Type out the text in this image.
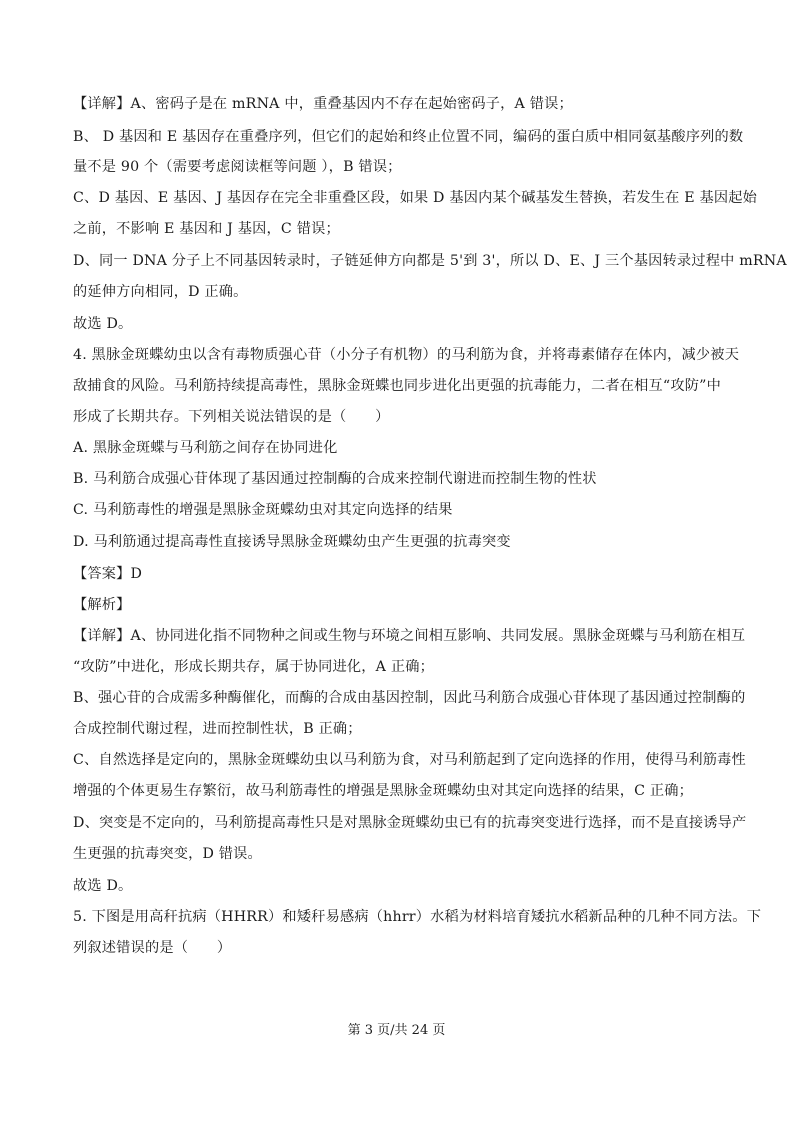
【详解】A、密码子是在 mRNA 中，重叠基因内不存在起始密码子，A 错误；
B、 D 基因和 E 基因存在重叠序列，但它们的起始和终止位置不同，编码的蛋白质中相同氨基酸序列的数
量不是 90 个（需要考虑阅读框等问题 ），B 错误；
C、D 基因、E 基因、J 基因存在完全非重叠区段，如果 D 基因内某个碱基发生替换，若发生在 E 基因起始
之前，不影响 E 基因和 J 基因，C 错误；
D、同一 DNA 分子上不同基因转录时，子链延伸方向都是 5'到 3'，所以 D、E、J 三个基因转录过程中 mRNA
的延伸方向相同，D 正确。
故选 D。
4. 黑脉金斑蝶幼虫以含有毒物质强心苷（小分子有机物）的马利筋为食，并将毒素储存在体内，减少被天
敌捕食的风险。马利筋持续提高毒性，黑脉金斑蝶也同步进化出更强的抗毒能力，二者在相互“攻防”中
形成了长期共存。下列相关说法错误的是（　　）
A. 黑脉金斑蝶与马利筋之间存在协同进化
B. 马利筋合成强心苷体现了基因通过控制酶的合成来控制代谢进而控制生物的性状
C. 马利筋毒性的增强是黑脉金斑蝶幼虫对其定向选择的结果
D. 马利筋通过提高毒性直接诱导黑脉金斑蝶幼虫产生更强的抗毒突变
【答案】D
【解析】
【详解】A、协同进化指不同物种之间或生物与环境之间相互影响、共同发展。黑脉金斑蝶与马利筋在相互
“攻防”中进化，形成长期共存，属于协同进化，A 正确；
B、强心苷的合成需多种酶催化，而酶的合成由基因控制，因此马利筋合成强心苷体现了基因通过控制酶的
合成控制代谢过程，进而控制性状，B 正确；
C、自然选择是定向的，黑脉金斑蝶幼虫以马利筋为食，对马利筋起到了定向选择的作用，使得马利筋毒性
增强的个体更易生存繁衍，故马利筋毒性的增强是黑脉金斑蝶幼虫对其定向选择的结果，C 正确；
D、突变是不定向的，马利筋提高毒性只是对黑脉金斑蝶幼虫已有的抗毒突变进行选择，而不是直接诱导产
生更强的抗毒突变，D 错误。
故选 D。
5. 下图是用高秆抗病（HHRR）和矮秆易感病（hhrr）水稻为材料培育矮抗水稻新品种的几种不同方法。下
列叙述错误的是（　　）
第 3 页/共 24 页
